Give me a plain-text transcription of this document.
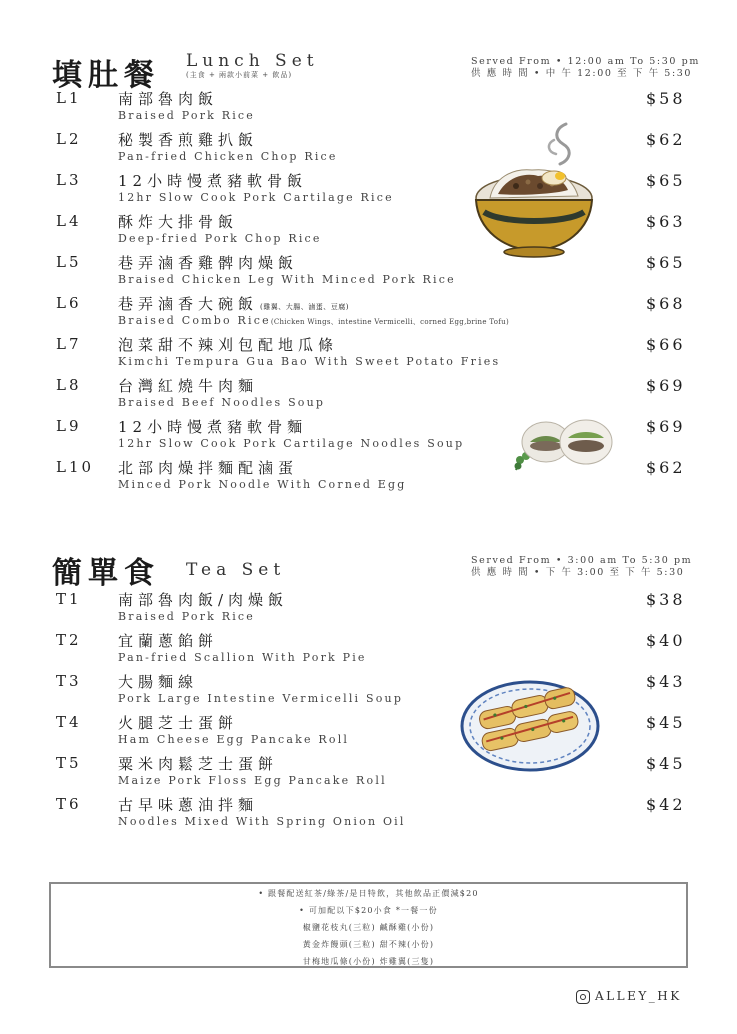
填肚餐 Lunch Set
(主食 + 兩款小前菜 + 飲品)
Served From • 12:00 am To 5:30 pm
供 應 時 間 • 中 午 12:00 至 下 午 5:30
L1 南部魯肉飯
Braised Pork Rice
$58
L2 秘製香煎雞扒飯
Pan-fried Chicken Chop Rice
$62
L3 12小時慢煮豬軟骨飯
12hr Slow Cook Pork Cartilage Rice
$65
L4 酥炸大排骨飯
Deep-fried Pork Chop Rice
$63
L5 巷弄滷香雞髀肉燥飯
Braised Chicken Leg With Minced Pork Rice
$65
L6 巷弄滷香大碗飯 (雞翼、大腸、滷蛋、豆腐)
Braised Combo Rice(Chicken Wings、intestine Vermicelli、corned Egg,brine Tofu)
$68
L7 泡菜甜不辣刈包配地瓜條
Kimchi Tempura Gua Bao With Sweet Potato Fries
$66
L8 台灣紅燒牛肉麵
Braised Beef Noodles Soup
$69
L9 12小時慢煮豬軟骨麵
12hr Slow Cook Pork Cartilage Noodles Soup
$69
L10 北部肉燥拌麵配滷蛋
Minced Pork Noodle With Corned Egg
$62
簡單食 Tea Set	Served From • 3:00 am To 5:30 pm
供 應 時 間 • 下 午 3:00 至 下 午 5:30
T1 南部魯肉飯/肉燥飯
Braised Pork Rice
$38
T2 宜蘭蔥餡餅
Pan-fried Scallion With Pork Pie
$40
T3 大腸麵線
Pork Large Intestine Vermicelli Soup
$43
T4 火腿芝士蛋餅
Ham Cheese Egg Pancake Roll
$45
T5 粟米肉鬆芝士蛋餅
Maize Pork Floss Egg Pancake Roll
$45
T6 古早味蔥油拌麵
Noodles Mixed With Spring Onion Oil
$42
• 跟餐配送紅茶/綠茶/是日特飲，其他飲品正價減$20
• 可加配以下$20小食 *一餐一份
椒鹽花枝丸(三粒) 鹹酥雞(小份)
黃金炸饅頭(三粒) 甜不辣(小份)
甘梅地瓜條(小份) 炸雞翼(三隻)
ALLEY_HK
